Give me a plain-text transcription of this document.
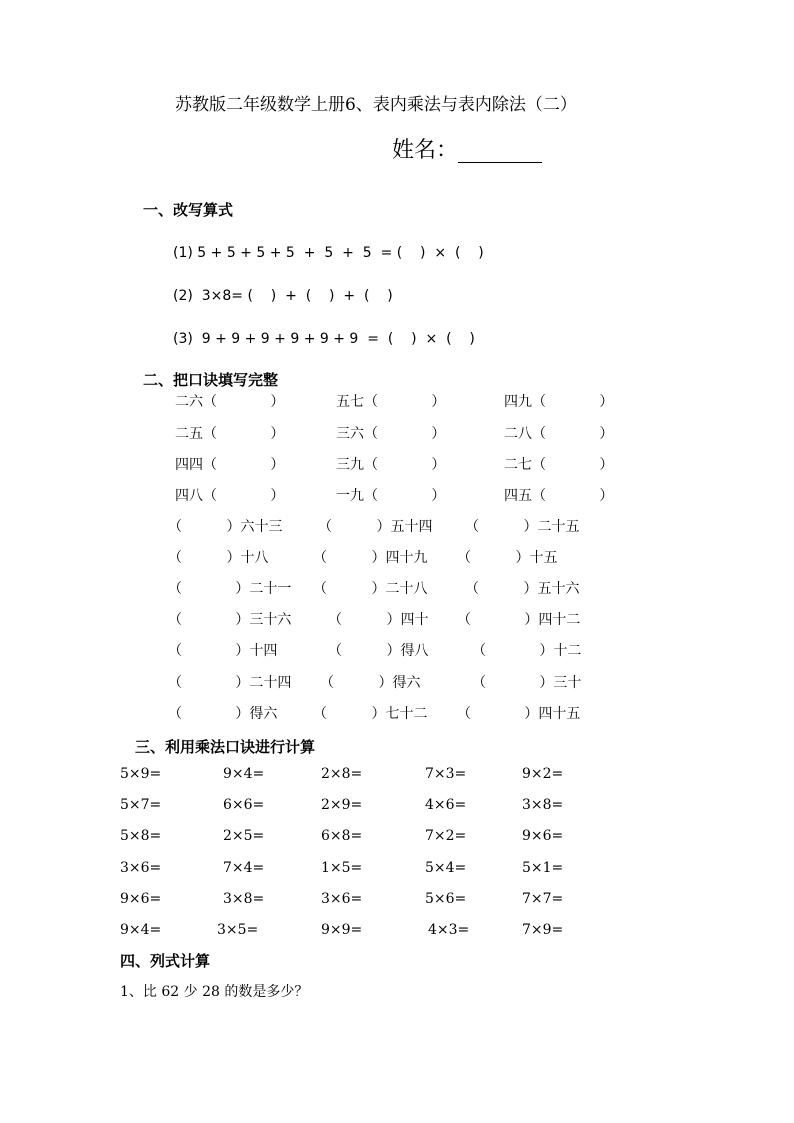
苏教版二年级数学上册6、表内乘法与表内除法（二）
姓名：
一、改写算式
(1) 5 + 5 + 5 + 5  +  5  +  5  = (    )  ×  (    )
(2)  3×8= (    )  +  (    )  +  (    )
(3)  9 + 9 + 9 + 9 + 9 + 9  =  (    )  ×  (    )
二、把口诀填写完整
二六（            ）	五七（            ）	四九（            ）
二五（            ）	三六（            ）	二八（            ）
四四（            ）	三九（            ）	二七（            ）
四八（            ）	一九（            ）	四五（            ）
（          ）六十三	（          ）五十四 （          ）二十五
（          ）十八	（          ）四十九 （          ）十五
（            ）二十一 （          ）二十八	（          ）五十六
（            ）三十六	（          ）四十 （            ）四十二
（            ）十四	（          ）得八	（            ）十二
（            ）二十四 （          ）得六	（            ）三十
（            ）得六	（          ）七十二 （            ）四十五
三、利用乘法口诀进行计算
5×9=	9×4=	2×8=	7×3=	9×2=
5×7=	6×6=	2×9=	4×6=	3×8=
5×8=	2×5=	6×8=	7×2=	9×6=
3×6=	7×4=	1×5=	5×4=	5×1=
9×6=	3×8=	3×6=	5×6=	7×7=
9×4=	3×5=	9×9=	4×3=	7×9=
四、列式计算
1、比 62 少 28 的数是多少？
